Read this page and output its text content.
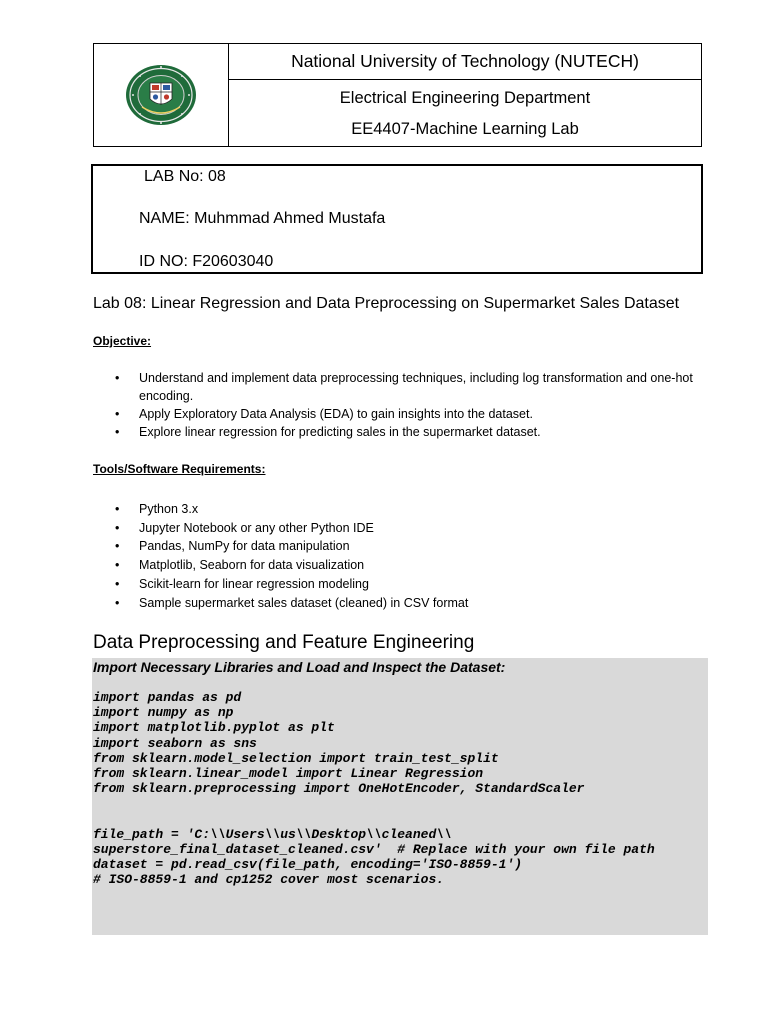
National University of Technology (NUTECH)
Electrical Engineering Department
EE4407-Machine Learning Lab
LAB No: 08
NAME: Muhmmad Ahmed Mustafa
ID NO: F20603040
Lab 08: Linear Regression and Data Preprocessing on Supermarket Sales Dataset
Objective:
• Understand and implement data preprocessing techniques, including log transformation and one-hot encoding.
• Apply Exploratory Data Analysis (EDA) to gain insights into the dataset.
• Explore linear regression for predicting sales in the supermarket dataset.
Tools/Software Requirements:
• Python 3.x
• Jupyter Notebook or any other Python IDE
• Pandas, NumPy for data manipulation
• Matplotlib, Seaborn for data visualization
• Scikit-learn for linear regression modeling
• Sample supermarket sales dataset (cleaned) in CSV format
Data Preprocessing and Feature Engineering
Import Necessary Libraries and Load and Inspect the Dataset:
import pandas as pd
import numpy as np
import matplotlib.pyplot as plt
import seaborn as sns
from sklearn.model_selection import train_test_split
from sklearn.linear_model import Linear Regression
from sklearn.preprocessing import OneHotEncoder, StandardScaler

file_path = 'C:\\Users\\us\\Desktop\\cleaned\\
superstore_final_dataset_cleaned.csv'  # Replace with your own file path
dataset = pd.read_csv(file_path, encoding='ISO-8859-1')
# ISO-8859-1 and cp1252 cover most scenarios.
